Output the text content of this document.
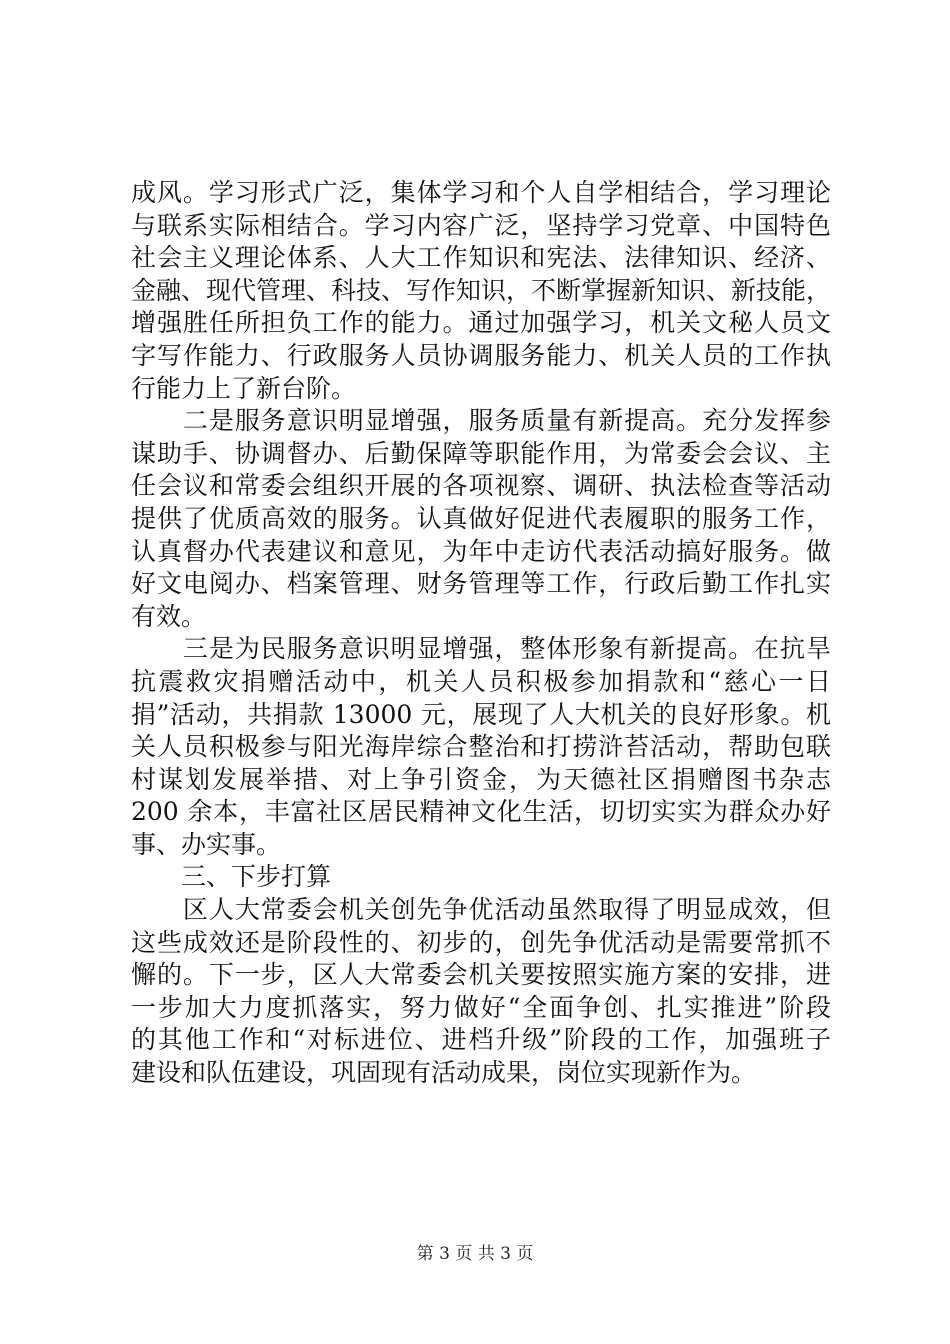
成风。学习形式广泛，集体学习和个人自学相结合，学习理论
与联系实际相结合。学习内容广泛，坚持学习党章、中国特色
社会主义理论体系、人大工作知识和宪法、法律知识、经济、
金融、现代管理、科技、写作知识，不断掌握新知识、新技能，
增强胜任所担负工作的能力。通过加强学习，机关文秘人员文
字写作能力、行政服务人员协调服务能力、机关人员的工作执
行能力上了新台阶。
　　二是服务意识明显增强，服务质量有新提高。充分发挥参
谋助手、协调督办、后勤保障等职能作用，为常委会会议、主
任会议和常委会组织开展的各项视察、调研、执法检查等活动
提供了优质高效的服务。认真做好促进代表履职的服务工作，
认真督办代表建议和意见，为年中走访代表活动搞好服务。做
好文电阅办、档案管理、财务管理等工作，行政后勤工作扎实
有效。
　　三是为民服务意识明显增强，整体形象有新提高。在抗旱
抗震救灾捐赠活动中，机关人员积极参加捐款和“慈心一日
捐”活动，共捐款 13000 元，展现了人大机关的良好形象。机
关人员积极参与阳光海岸综合整治和打捞浒苔活动，帮助包联
村谋划发展举措、对上争引资金，为天德社区捐赠图书杂志
200 余本，丰富社区居民精神文化生活，切切实实为群众办好
事、办实事。
　　三、下步打算
　　区人大常委会机关创先争优活动虽然取得了明显成效，但
这些成效还是阶段性的、初步的，创先争优活动是需要常抓不
懈的。下一步，区人大常委会机关要按照实施方案的安排，进
一步加大力度抓落实，努力做好“全面争创、扎实推进”阶段
的其他工作和“对标进位、进档升级”阶段的工作，加强班子
建设和队伍建设，巩固现有活动成果，岗位实现新作为。
第 3 页 共 3 页
